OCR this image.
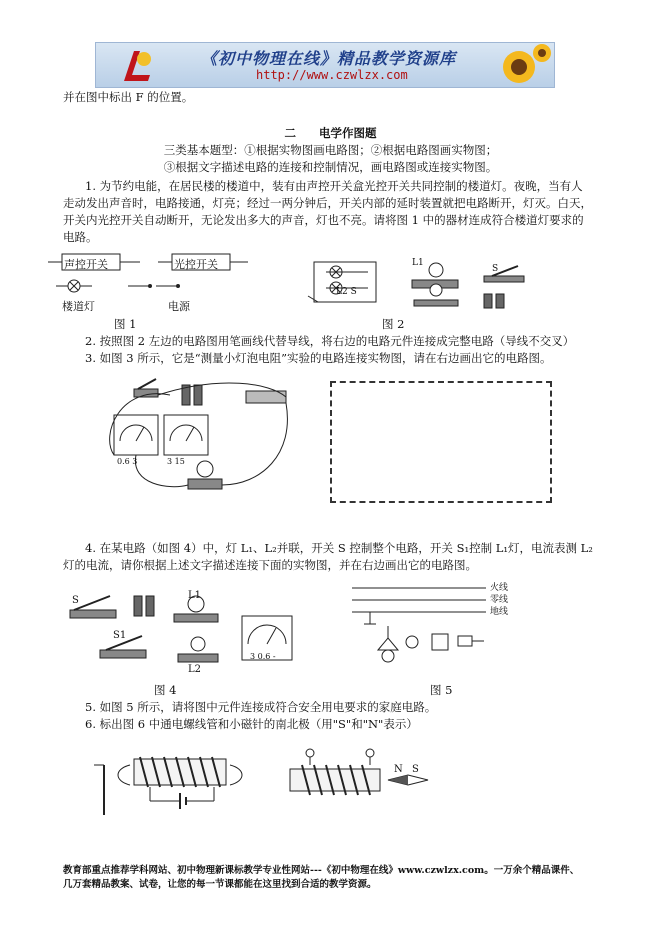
《初中物理在线》精品教学资源库
http://www.czwlzx.com
并在图中标出 F 的位置。
二　　电学作图题
三类基本题型：①根据实物图画电路图；②根据电路图画实物图；
③根据文字描述电路的连接和控制情况，画电路图或连接实物图。
1. 为节约电能，在居民楼的楼道中，装有由声控开关盒光控开关共同控制的楼道灯。夜晚，当有人
走动发出声音时，电路接通，灯亮；经过一两分钟后，开关内部的延时装置就把电路断开，灯灭。白天，
开关内光控开关自动断开，无论发出多大的声音，灯也不亮。请将图 1 中的器材连成符合楼道灯要求的
电路。
声控开关	光控开关
楼道灯	电源
L2 S
L1
S
图 1	图 2
2. 按照图 2 左边的电路图用笔画线代替导线，将右边的电路元件连接成完整电路（导线不交叉）
3. 如图 3 所示，它是“测量小灯泡电阻”实验的电路连接实物图，请在右边画出它的电路图。
0.6 3	3 15
4. 在某电路（如图 4）中，灯 L₁、L₂并联，开关 S 控制整个电路，开关 S₁控制 L₁灯，电流表测 L₂
灯的电流，请你根据上述文字描述连接下面的实物图，并在右边画出它的电路图。
S
S1
L1
L2
3 0.6 -
火线
零线
地线
图 4	图 5
5. 如图 5 所示，请将图中元件连接成符合安全用电要求的家庭电路。
6. 标出图 6 中通电螺线管和小磁针的南北极（用"S"和"N"表示）
N S
教育部重点推荐学科网站、初中物理新课标教学专业性网站---《初中物理在线》www.czwlzx.com。一万余个精品课件、
几万套精品教案、试卷，让您的每一节课都能在这里找到合适的教学资源。
